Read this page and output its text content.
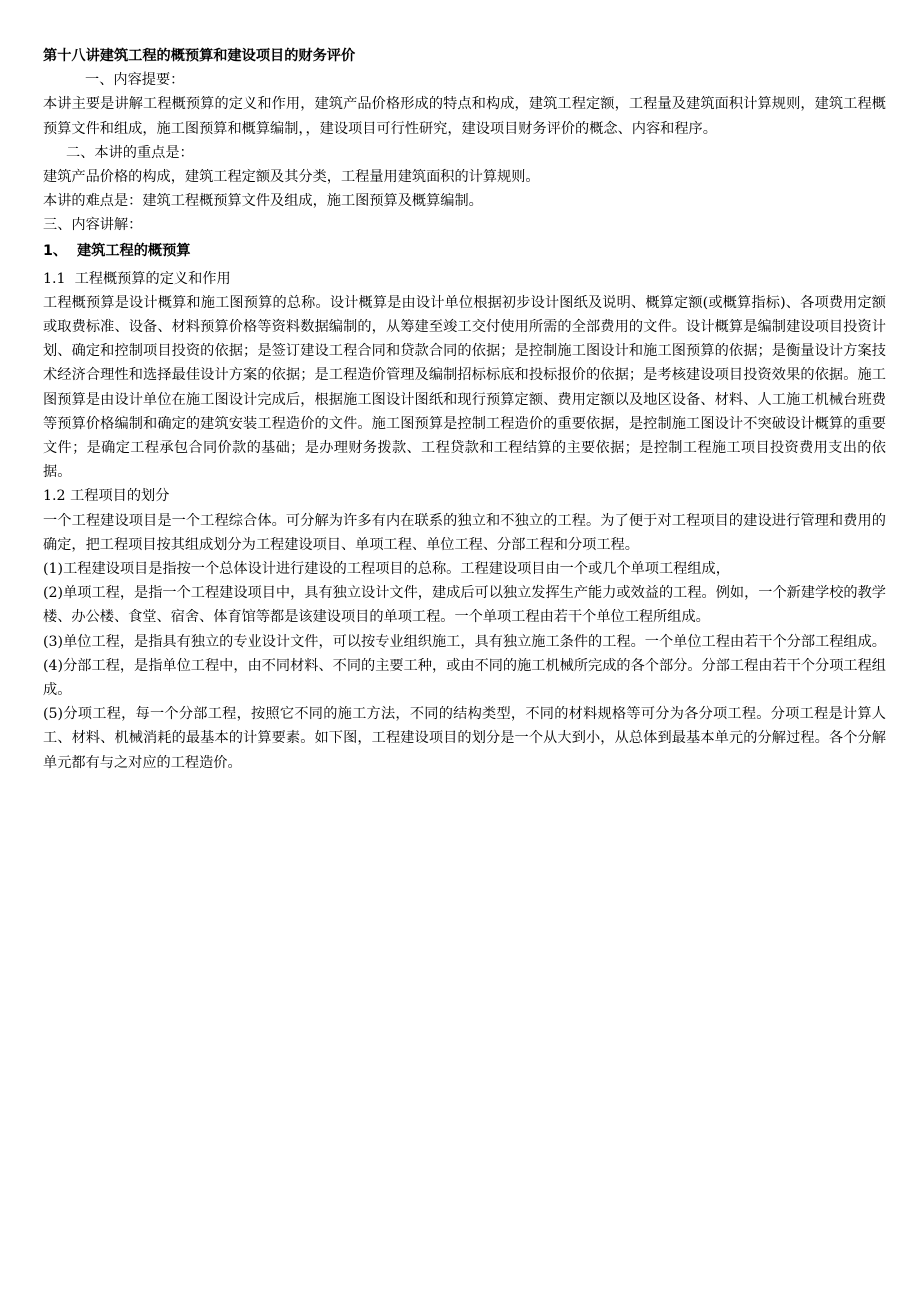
第十八讲建筑工程的概预算和建设项目的财务评价

一、内容提要：

本讲主要是讲解工程概预算的定义和作用，建筑产品价格形成的特点和构成，建筑工程定额，工程量及建筑面积计算规则，建筑工程概预算文件和组成，施工图预算和概算编制，，建设项目可行性研究，建设项目财务评价的概念、内容和程序。

二、本讲的重点是：

建筑产品价格的构成，建筑工程定额及其分类，工程量用建筑面积的计算规则。

本讲的难点是：建筑工程概预算文件及组成，施工图预算及概算编制。

三、内容讲解：

1、  建筑工程的概预算

1.1  工程概预算的定义和作用

工程概预算是设计概算和施工图预算的总称。设计概算是由设计单位根据初步设计图纸及说明、概算定额(或概算指标)、各项费用定额或取费标准、设备、材料预算价格等资料数据编制的，从筹建至竣工交付使用所需的全部费用的文件。设计概算是编制建设项目投资计划、确定和控制项目投资的依据；是签订建设工程合同和贷款合同的依据；是控制施工图设计和施工图预算的依据；是衡量设计方案技术经济合理性和选择最佳设计方案的依据；是工程造价管理及编制招标标底和投标报价的依据；是考核建设项目投资效果的依据。施工图预算是由设计单位在施工图设计完成后，根据施工图设计图纸和现行预算定额、费用定额以及地区设备、材料、人工施工机械台班费等预算价格编制和确定的建筑安装工程造价的文件。施工图预算是控制工程造价的重要依据，是控制施工图设计不突破设计概算的重要文件；是确定工程承包合同价款的基础；是办理财务拨款、工程贷款和工程结算的主要依据；是控制工程施工项目投资费用支出的依据。

1.2 工程项目的划分

一个工程建设项目是一个工程综合体。可分解为许多有内在联系的独立和不独立的工程。为了便于对工程项目的建设进行管理和费用的确定，把工程项目按其组成划分为工程建设项目、单项工程、单位工程、分部工程和分项工程。

(1)工程建设项目是指按一个总体设计进行建设的工程项目的总称。工程建设项目由一个或几个单项工程组成，

(2)单项工程，是指一个工程建设项目中，具有独立设计文件，建成后可以独立发挥生产能力或效益的工程。例如，一个新建学校的教学楼、办公楼、食堂、宿舍、体育馆等都是该建设项目的单项工程。一个单项工程由若干个单位工程所组成。

(3)单位工程，是指具有独立的专业设计文件，可以按专业组织施工，具有独立施工条件的工程。一个单位工程由若干个分部工程组成。

(4)分部工程，是指单位工程中，由不同材料、不同的主要工种，或由不同的施工机械所完成的各个部分。分部工程由若干个分项工程组成。

(5)分项工程，每一个分部工程，按照它不同的施工方法，不同的结构类型，不同的材料规格等可分为各分项工程。分项工程是计算人工、材料、机械消耗的最基本的计算要素。如下图，工程建设项目的划分是一个从大到小，从总体到最基本单元的分解过程。各个分解单元都有与之对应的工程造价。
